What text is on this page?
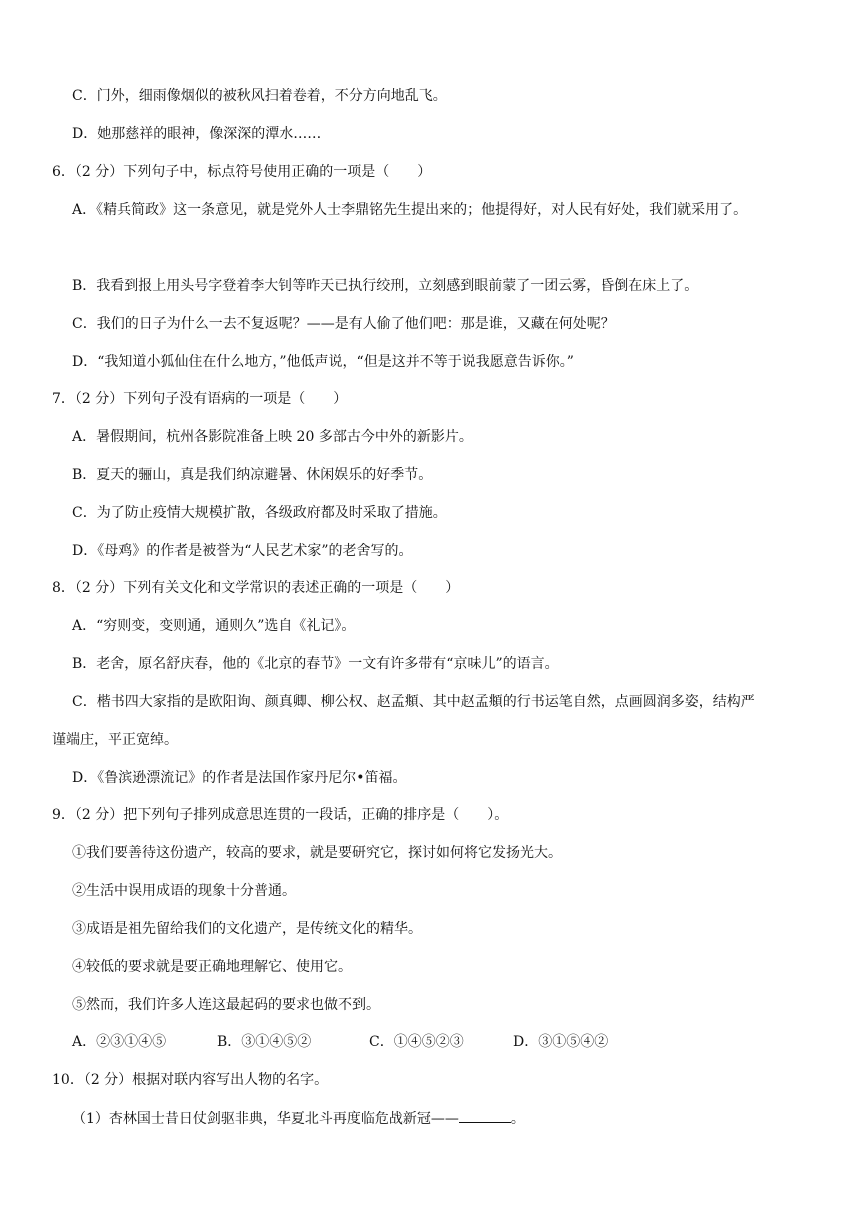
C．门外，细雨像烟似的被秋风扫着卷着，不分方向地乱飞。
D．她那慈祥的眼神，像深深的潭水……
6．（2 分）下列句子中，标点符号使用正确的一项是（　　）
A．《精兵简政》这一条意见，就是党外人士李鼎铭先生提出来的；他提得好，对人民有好处，我们就采用了。
B．我看到报上用头号字登着李大钊等昨天已执行绞刑，立刻感到眼前蒙了一团云雾，昏倒在床上了。
C．我们的日子为什么一去不复返呢？——是有人偷了他们吧：那是谁，又藏在何处呢？
D．“我知道小狐仙住在什么地方，”他低声说，“但是这并不等于说我愿意告诉你。”
7．（2 分）下列句子没有语病的一项是（　　）
A．暑假期间，杭州各影院准备上映 20 多部古今中外的新影片。
B．夏天的骊山，真是我们纳凉避暑、休闲娱乐的好季节。
C．为了防止疫情大规模扩散，各级政府都及时采取了措施。
D．《母鸡》的作者是被誉为“人民艺术家”的老舍写的。
8．（2 分）下列有关文化和文学常识的表述正确的一项是（　　）
A．“穷则变，变则通，通则久”选自《礼记》。
B．老舍，原名舒庆春，他的《北京的春节》一文有许多带有“京味儿”的语言。
C．楷书四大家指的是欧阳询、颜真卿、柳公权、赵孟頫、其中赵孟頫的行书运笔自然，点画圆润多姿，结构严
谨端庄，平正宽绰。
D．《鲁滨逊漂流记》的作者是法国作家丹尼尔•笛福。
9．（2 分）把下列句子排列成意思连贯的一段话，正确的排序是（　　）。
①我们要善待这份遗产，较高的要求，就是要研究它，探讨如何将它发扬光大。
②生活中误用成语的现象十分普通。
③成语是祖先留给我们的文化遗产，是传统文化的精华。
④较低的要求就是要正确地理解它、使用它。
⑤然而，我们许多人连这最起码的要求也做不到。
A．②③①④⑤	B．③①④⑤②	C．①④⑤②③	D．③①⑤④②
10．（2 分）根据对联内容写出人物的名字。
（1）杏林国士昔日仗剑驱非典，华夏北斗再度临危战新冠——	。
